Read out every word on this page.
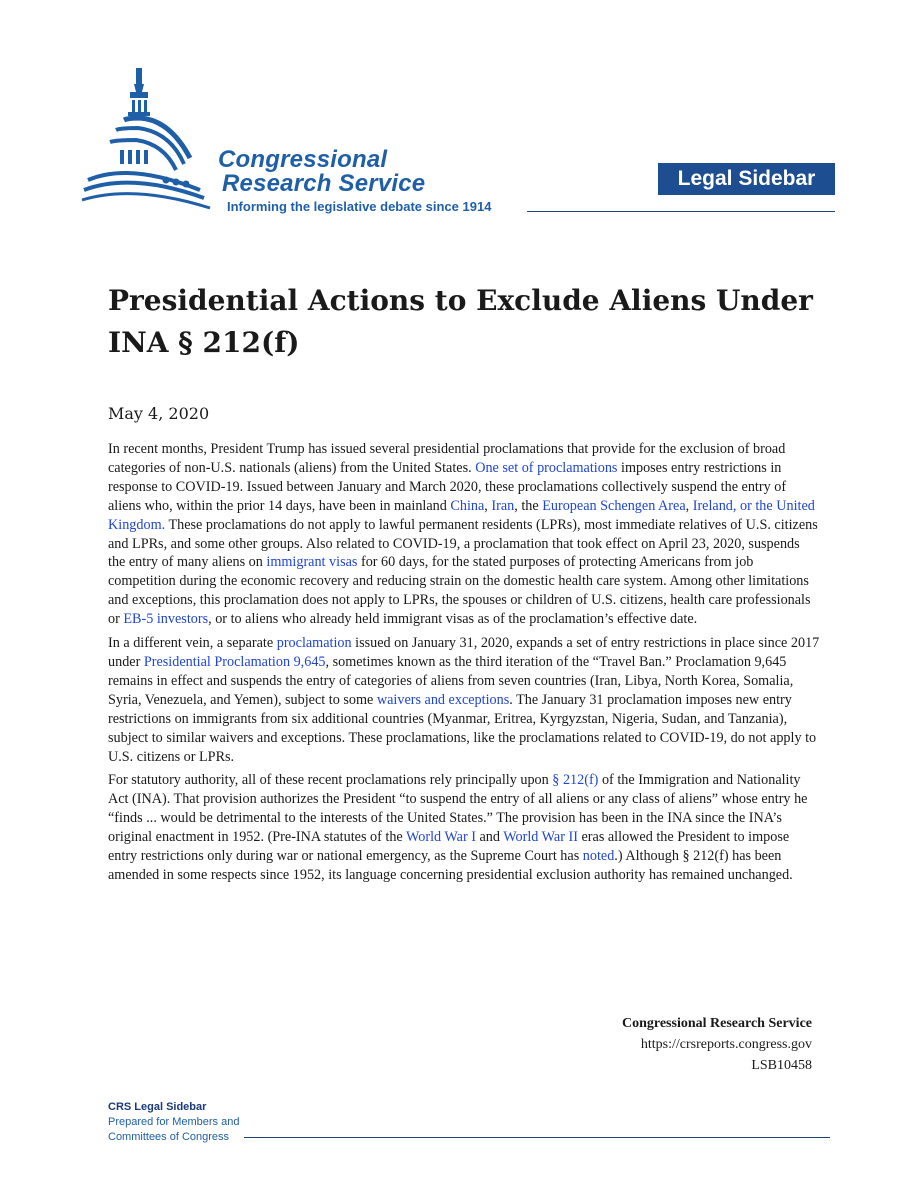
Congressional
Research Service
Informing the legislative debate since 1914
Legal Sidebar
Presidential Actions to Exclude Aliens Under INA § 212(f)
May 4, 2020

In recent months, President Trump has issued several presidential proclamations that provide for the exclusion of broad categories of non-U.S. nationals (aliens) from the United States. One set of proclamations imposes entry restrictions in response to COVID-19. Issued between January and March 2020, these proclamations collectively suspend the entry of aliens who, within the prior 14 days, have been in mainland China, Iran, the European Schengen Area, Ireland, or the United Kingdom. These proclamations do not apply to lawful permanent residents (LPRs), most immediate relatives of U.S. citizens and LPRs, and some other groups. Also related to COVID-19, a proclamation that took effect on April 23, 2020, suspends the entry of many aliens on immigrant visas for 60 days, for the stated purposes of protecting Americans from job competition during the economic recovery and reducing strain on the domestic health care system. Among other limitations and exceptions, this proclamation does not apply to LPRs, the spouses or children of U.S. citizens, health care professionals or EB-5 investors, or to aliens who already held immigrant visas as of the proclamation’s effective date.

In a different vein, a separate proclamation issued on January 31, 2020, expands a set of entry restrictions in place since 2017 under Presidential Proclamation 9,645, sometimes known as the third iteration of the “Travel Ban.” Proclamation 9,645 remains in effect and suspends the entry of categories of aliens from seven countries (Iran, Libya, North Korea, Somalia, Syria, Venezuela, and Yemen), subject to some waivers and exceptions. The January 31 proclamation imposes new entry restrictions on immigrants from six additional countries (Myanmar, Eritrea, Kyrgyzstan, Nigeria, Sudan, and Tanzania), subject to similar waivers and exceptions. These proclamations, like the proclamations related to COVID-19, do not apply to U.S. citizens or LPRs.

For statutory authority, all of these recent proclamations rely principally upon § 212(f) of the Immigration and Nationality Act (INA). That provision authorizes the President “to suspend the entry of all aliens or any class of aliens” whose entry he “finds ... would be detrimental to the interests of the United States.” The provision has been in the INA since the INA’s original enactment in 1952. (Pre-INA statutes of the World War I and World War II eras allowed the President to impose entry restrictions only during war or national emergency, as the Supreme Court has noted.) Although § 212(f) has been amended in some respects since 1952, its language concerning presidential exclusion authority has remained unchanged.

Congressional Research Service
https://crsreports.congress.gov
LSB10458
CRS Legal Sidebar
Prepared for Members and
Committees of Congress
